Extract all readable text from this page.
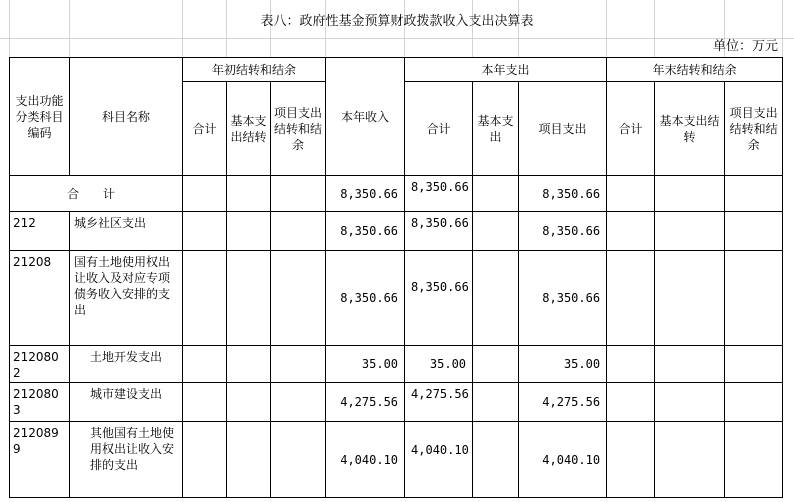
表八：政府性基金预算财政拨款收入支出决算表
单位：万元
支出功能分类科目编码	科目名称	年初结转和结余			本年收入	本年支出			年末结转和结余		
		合计	基本支出结转	项目支出结转和结余		合计	基本支出	项目支出	合计	基本支出结转	项目支出结转和结余
合 计					8,350.66	8,350.66		8,350.66			
212	城乡社区支出				8,350.66	8,350.66		8,350.66			
21208	国有土地使用权出让收入及对应专项债务收入安排的支出				8,350.66	8,350.66		8,350.66			
2120802	土地开发支出				35.00	35.00		35.00			
2120803	城市建设支出				4,275.56	4,275.56		4,275.56			
2120899	其他国有土地使用权出让收入安排的支出				4,040.10	4,040.10		4,040.10			
